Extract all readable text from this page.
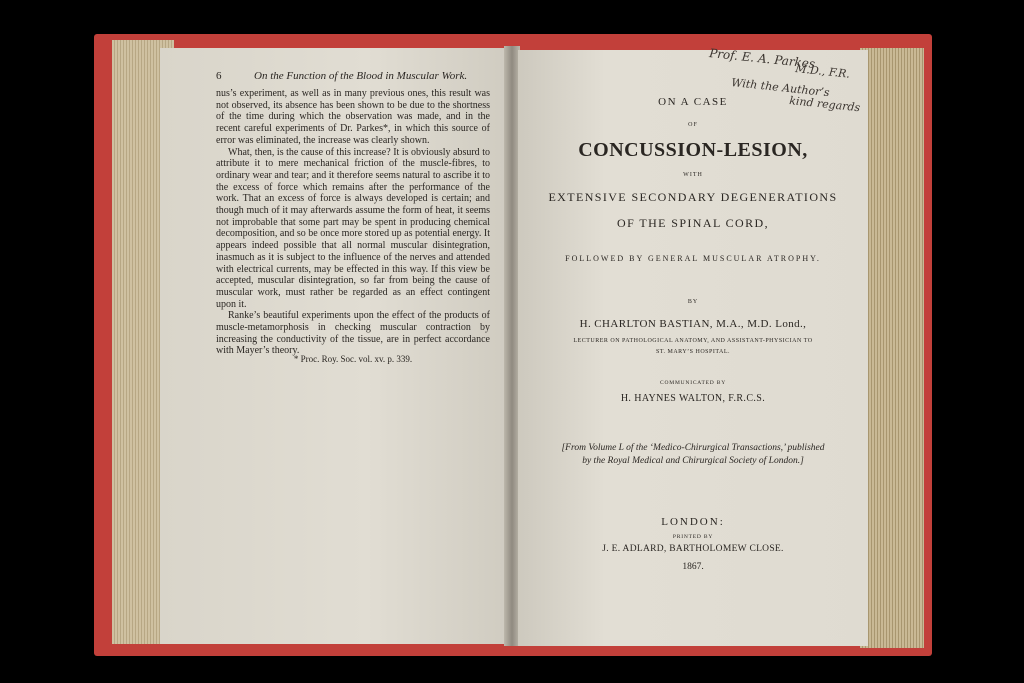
6	On the Function of the Blood in Muscular Work.

nus’s experiment, as well as in many previous ones, this result was not observed, its absence has been shown to be due to the shortness of the time during which the observation was made, and in the recent careful experiments of Dr. Parkes*, in which this source of error was eliminated, the increase was clearly shown.

What, then, is the cause of this increase? It is obviously absurd to attribute it to mere mechanical friction of the muscle-fibres, to ordinary wear and tear; and it therefore seems natural to ascribe it to the excess of force which remains after the performance of the work. That an excess of force is always developed is certain; and though much of it may afterwards assume the form of heat, it seems not improbable that some part may be spent in producing chemical decomposition, and so be once more stored up as potential energy. It appears indeed possible that all normal muscular disintegration, inasmuch as it is subject to the influence of the nerves and attended with electrical currents, may be effected in this way. If this view be accepted, muscular disintegration, so far from being the cause of muscular work, must rather be regarded as an effect contingent upon it.

Ranke’s beautiful experiments upon the effect of the products of muscle-metamorphosis in checking muscular contraction by increasing the conductivity of the tissue, are in perfect accordance with Mayer’s theory.

* Proc. Roy. Soc. vol. xv. p. 339.
ON A CASE
OF
CONCUSSION-LESION,
WITH
EXTENSIVE SECONDARY DEGENERATIONS
OF THE SPINAL CORD,
FOLLOWED BY GENERAL MUSCULAR ATROPHY.
BY
H. CHARLTON BASTIAN, M.A., M.D. Lond.,
LECTURER ON PATHOLOGICAL ANATOMY, AND ASSISTANT-PHYSICIAN TO
ST. MARY’S HOSPITAL.
COMMUNICATED BY
H. HAYNES WALTON, F.R.C.S.
[From Volume L of the ‘Medico-Chirurgical Transactions,’ published
by the Royal Medical and Chirurgical Society of London.]
LONDON:
PRINTED BY
J. E. ADLARD, BARTHOLOMEW CLOSE.
1867.
Prof. E. A. Parkes
M.D., F.R.
With the Author’s
kind regards
